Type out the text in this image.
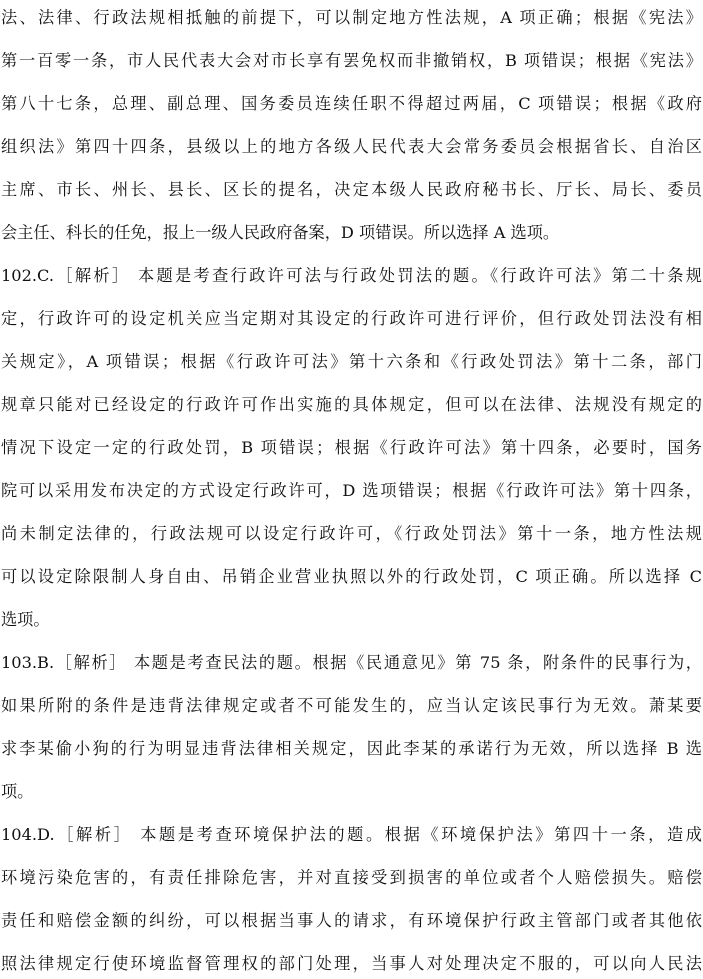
法、法律、行政法规相抵触的前提下，可以制定地方性法规，A 项正确；根据《宪法》
第一百零一条，市人民代表大会对市长享有罢免权而非撤销权，B 项错误；根据《宪法》
第八十七条，总理、副总理、国务委员连续任职不得超过两届，C 项错误；根据《政府
组织法》第四十四条，县级以上的地方各级人民代表大会常务委员会根据省长、自治区
主席、市长、州长、县长、区长的提名，决定本级人民政府秘书长、厅长、局长、委员
会主任、科长的任免，报上一级人民政府备案，D 项错误。所以选择 A 选项。
102.C.［解析］ 本题是考查行政许可法与行政处罚法的题。《行政许可法》第二十条规
定，行政许可的设定机关应当定期对其设定的行政许可进行评价，但行政处罚法没有相
关规定》，A 项错误；根据《行政许可法》第十六条和《行政处罚法》第十二条，部门
规章只能对已经设定的行政许可作出实施的具体规定，但可以在法律、法规没有规定的
情况下设定一定的行政处罚，B 项错误；根据《行政许可法》第十四条，必要时，国务
院可以采用发布决定的方式设定行政许可，D 选项错误；根据《行政许可法》第十四条，
尚未制定法律的，行政法规可以设定行政许可，《行政处罚法》第十一条，地方性法规
可以设定除限制人身自由、吊销企业营业执照以外的行政处罚，C 项正确。所以选择 C
选项。
103.B.［解析］ 本题是考查民法的题。根据《民通意见》第 75 条，附条件的民事行为，
如果所附的条件是违背法律规定或者不可能发生的，应当认定该民事行为无效。萧某要
求李某偷小狗的行为明显违背法律相关规定，因此李某的承诺行为无效，所以选择 B 选
项。
104.D.［解析］ 本题是考查环境保护法的题。根据《环境保护法》第四十一条，造成
环境污染危害的，有责任排除危害，并对直接受到损害的单位或者个人赔偿损失。赔偿
责任和赔偿金额的纠纷，可以根据当事人的请求，有环境保护行政主管部门或者其他依
照法律规定行使环境监督管理权的部门处理，当事人对处理决定不服的，可以向人民法
